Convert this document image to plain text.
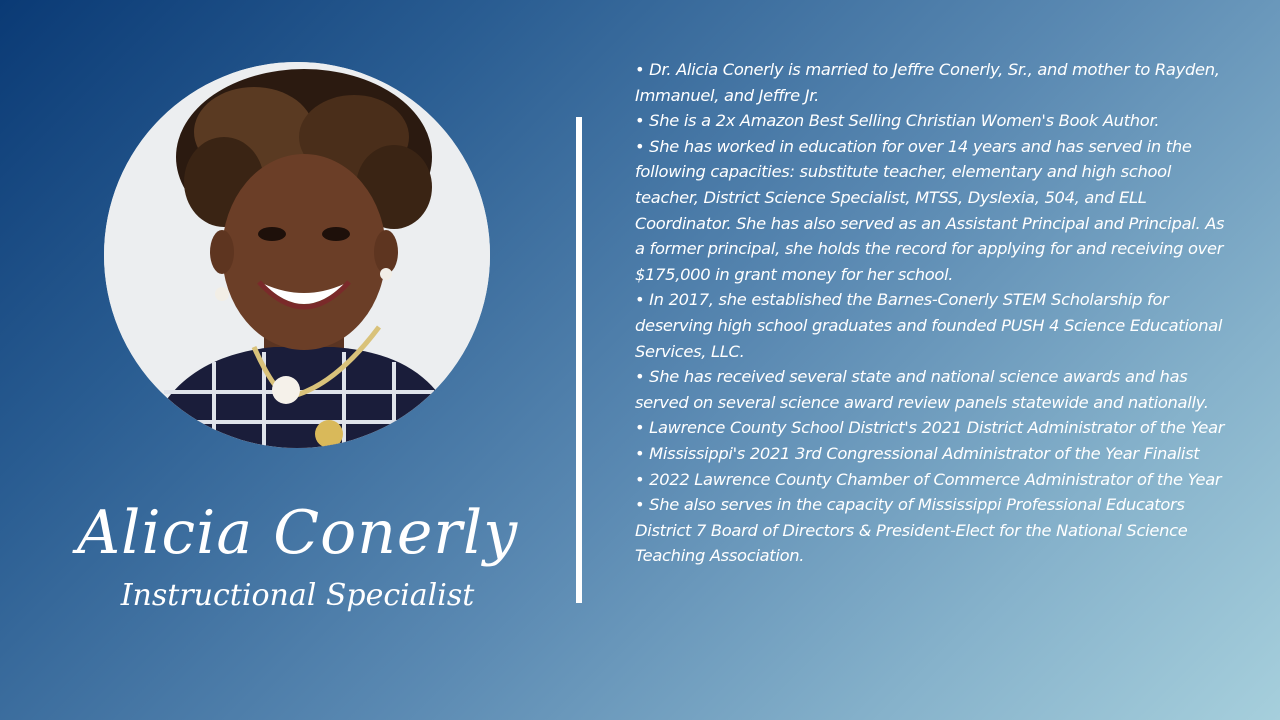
Alicia Conerly
Instructional Specialist
• Dr. Alicia Conerly is married to Jeffre Conerly, Sr., and mother to Rayden, Immanuel, and Jeffre Jr.
• She is a 2x Amazon Best Selling Christian Women's Book Author.
• She has worked in education for over 14 years and has served in the following capacities: substitute teacher, elementary and high school teacher, District Science Specialist, MTSS, Dyslexia, 504, and ELL Coordinator. She has also served as an Assistant Principal and Principal. As a former principal, she holds the record for applying for and receiving over $175,000 in grant money for her school.
• In 2017, she established the Barnes-Conerly STEM Scholarship for deserving high school graduates and founded PUSH 4 Science Educational Services, LLC.
• She has received several state and national science awards and has served on several science award review panels statewide and nationally.
• Lawrence County School District's 2021 District Administrator of the Year
• Mississippi's 2021 3rd Congressional Administrator of the Year Finalist
• 2022 Lawrence County Chamber of Commerce Administrator of the Year
• She also serves in the capacity of Mississippi Professional Educators District 7 Board of Directors & President-Elect for the National Science Teaching Association.
